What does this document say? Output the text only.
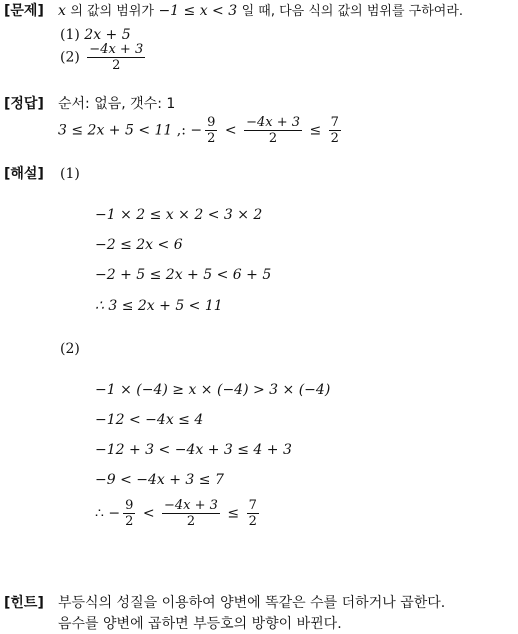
[문제] x 의 값의 범위가 −1 ≤ x < 3 일 때, 다음 식의 값의 범위를 구하여라.
(1) 2x + 5
$(2) \frac{-4x + 3}{2}$
[정답] 순서: 없음, 갯수: 1
3 ≤ 2x + 5 < 11 ,: − $\frac{9}{2} < \frac{-4x + 3}{2} \le \frac{7}{2}$
[해설] (1)
−1 × 2 ≤ x × 2 < 3 × 2
−2 ≤ 2x < 6
−2 + 5 ≤ 2x + 5 < 6 + 5
∴ 3 ≤ 2x + 5 < 11
(2)
−1 × (−4) ≥ x × (−4) > 3 × (−4)
−12 < −4x ≤ 4
−12 + 3 < −4x + 3 ≤ 4 + 3
−9 < −4x + 3 ≤ 7
∴ − $\frac{9}{2} < \frac{-4x + 3}{2} \le \frac{7}{2}$
[힌트] 부등식의 성질을 이용하여 양변에 똑같은 수를 더하거나 곱한다.
음수를 양변에 곱하면 부등호의 방향이 바뀐다.
